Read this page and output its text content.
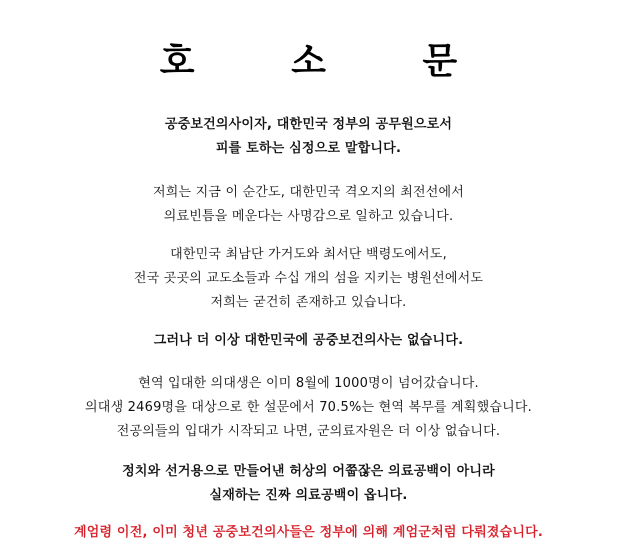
호 소 문
공중보건의사이자, 대한민국 정부의 공무원으로서
피를 토하는 심정으로 말합니다.
저희는 지금 이 순간도, 대한민국 격오지의 최전선에서
의료빈틈을 메운다는 사명감으로 일하고 있습니다.
대한민국 최남단 가거도와 최서단 백령도에서도,
전국 곳곳의 교도소들과 수십 개의 섬을 지키는 병원선에서도
저희는 굳건히 존재하고 있습니다.
그러나 더 이상 대한민국에 공중보건의사는 없습니다.
현역 입대한 의대생은 이미 8월에 1000명이 넘어갔습니다.
의대생 2469명을 대상으로 한 설문에서 70.5%는 현역 복무를 계획했습니다.
전공의들의 입대가 시작되고 나면, 군의료자원은 더 이상 없습니다.
정치와 선거용으로 만들어낸 허상의 어쭙잖은 의료공백이 아니라
실재하는 진짜 의료공백이 옵니다.
계엄령 이전, 이미 청년 공중보건의사들은 정부에 의해 계엄군처럼 다뤄졌습니다.
